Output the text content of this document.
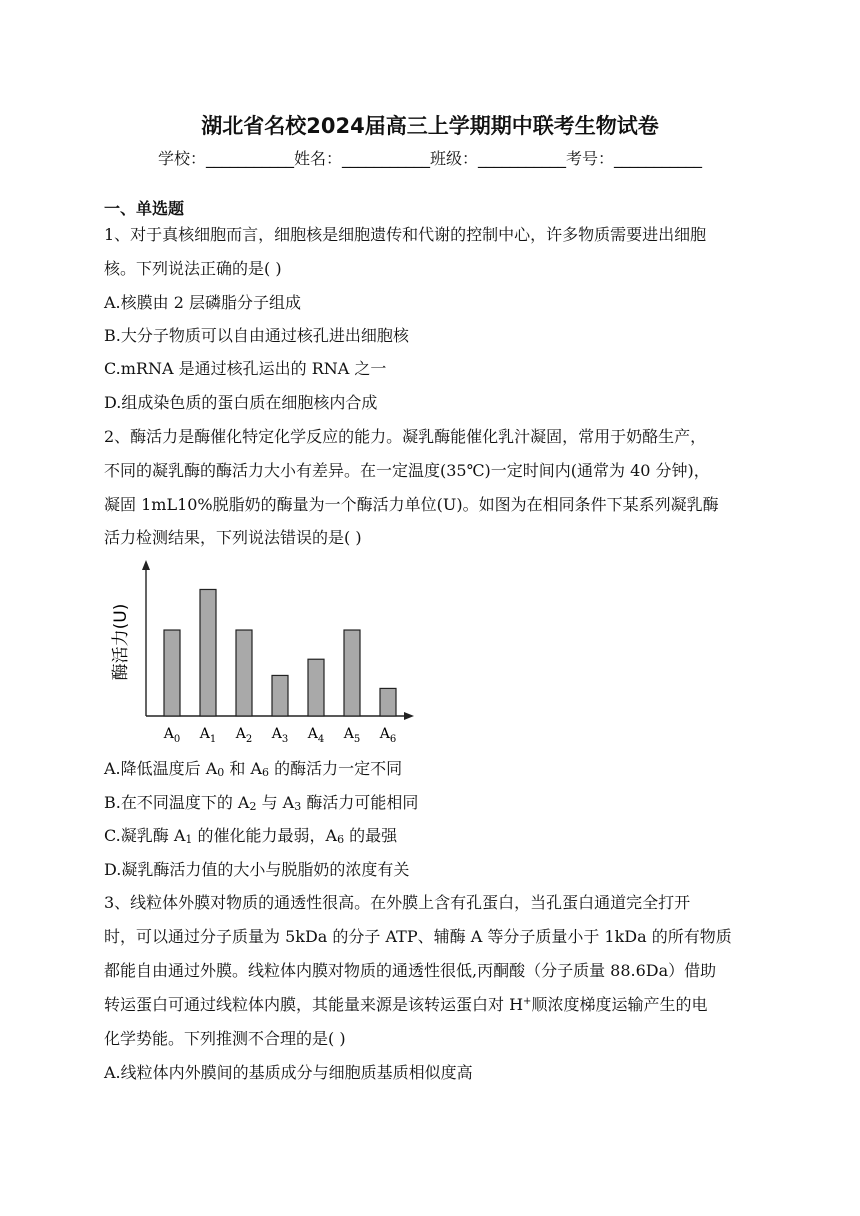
湖北省名校2024届高三上学期期中联考生物试卷
学校：___________姓名：___________班级：___________考号：___________
一、单选题
1、对于真核细胞而言，细胞核是细胞遗传和代谢的控制中心，许多物质需要进出细胞
核。下列说法正确的是( )
A.核膜由 2 层磷脂分子组成
B.大分子物质可以自由通过核孔进出细胞核
C.mRNA 是通过核孔运出的 RNA 之一
D.组成染色质的蛋白质在细胞核内合成
2、酶活力是酶催化特定化学反应的能力。凝乳酶能催化乳汁凝固，常用于奶酪生产，
不同的凝乳酶的酶活力大小有差异。在一定温度(35℃)一定时间内(通常为 40 分钟)，
凝固 1mL10%脱脂奶的酶量为一个酶活力单位(U)。如图为在相同条件下某系列凝乳酶
活力检测结果，下列说法错误的是( )
酶活力(U)
$A_0$ $A_1$ $A_2$ $A_3$ $A_4$ $A_5$ $A_6$
A.降低温度后 $A_0$ 和 $A_6$ 的酶活力一定不同
B.在不同温度下的 $A_2$ 与 $A_3$ 酶活力可能相同
C.凝乳酶 $A_1$ 的催化能力最弱，$A_6$ 的最强
D.凝乳酶活力值的大小与脱脂奶的浓度有关
3、线粒体外膜对物质的通透性很高。在外膜上含有孔蛋白，当孔蛋白通道完全打开
时，可以通过分子质量为 5kDa 的分子 ATP、辅酶 A 等分子质量小于 1kDa 的所有物质
都能自由通过外膜。线粒体内膜对物质的通透性很低,丙酮酸（分子质量 88.6Da）借助
转运蛋白可通过线粒体内膜，其能量来源是该转运蛋白对 H+顺浓度梯度运输产生的电
化学势能。下列推测不合理的是( )
A.线粒体内外膜间的基质成分与细胞质基质相似度高
